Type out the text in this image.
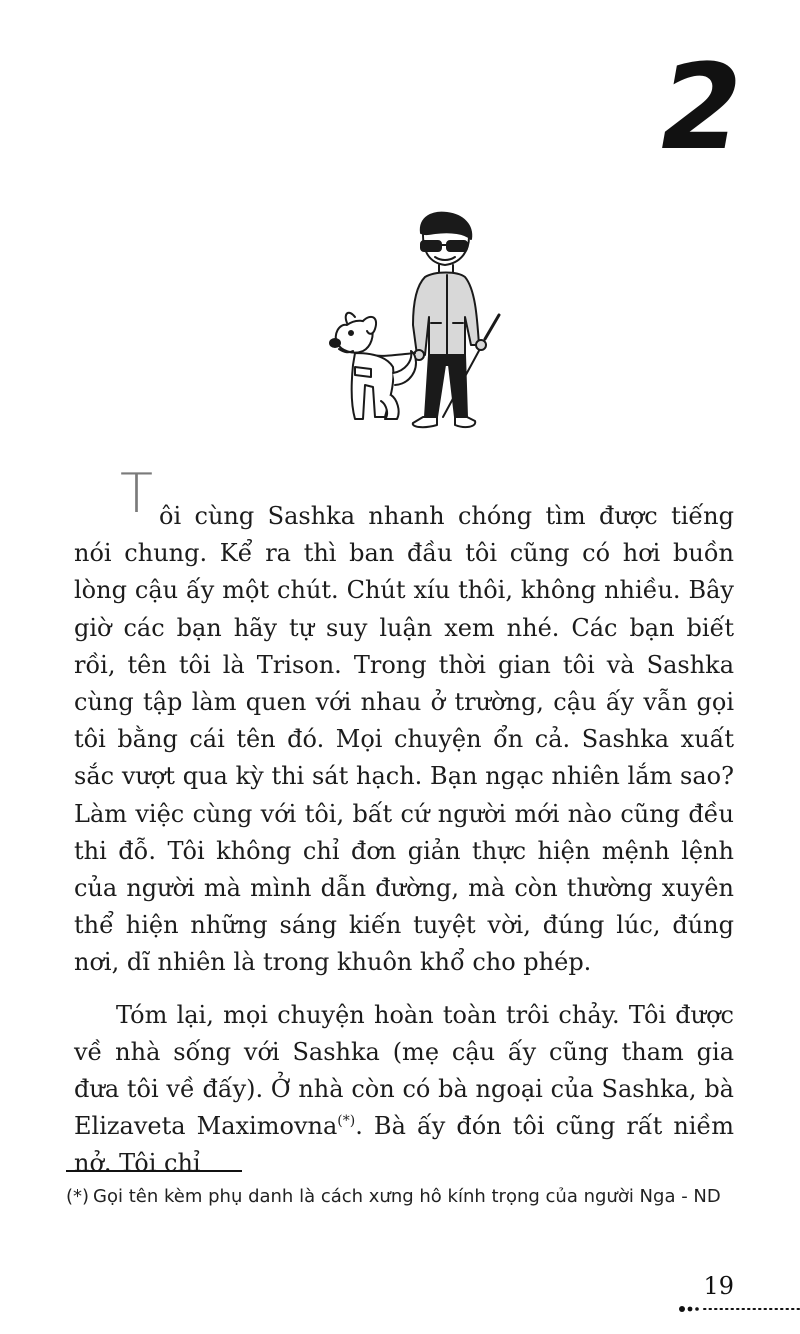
2

Tôi cùng Sashka nhanh chóng tìm được tiếng nói chung. Kể ra thì ban đầu tôi cũng có hơi buồn lòng cậu ấy một chút. Chút xíu thôi, không nhiều. Bây giờ các bạn hãy tự suy luận xem nhé. Các bạn biết rồi, tên tôi là Trison. Trong thời gian tôi và Sashka cùng tập làm quen với nhau ở trường, cậu ấy vẫn gọi tôi bằng cái tên đó. Mọi chuyện ổn cả. Sashka xuất sắc vượt qua kỳ thi sát hạch. Bạn ngạc nhiên lắm sao? Làm việc cùng với tôi, bất cứ người mới nào cũng đều thi đỗ. Tôi không chỉ đơn giản thực hiện mệnh lệnh của người mà mình dẫn đường, mà còn thường xuyên thể hiện những sáng kiến tuyệt vời, đúng lúc, đúng nơi, dĩ nhiên là trong khuôn khổ cho phép.

Tóm lại, mọi chuyện hoàn toàn trôi chảy. Tôi được về nhà sống với Sashka (mẹ cậu ấy cũng tham gia đưa tôi về đấy). Ở nhà còn có bà ngoại của Sashka, bà Elizaveta Maximovna(*). Bà ấy đón tôi cũng rất niềm nở. Tôi chỉ

(*) Gọi tên kèm phụ danh là cách xưng hô kính trọng của người Nga - ND
19
